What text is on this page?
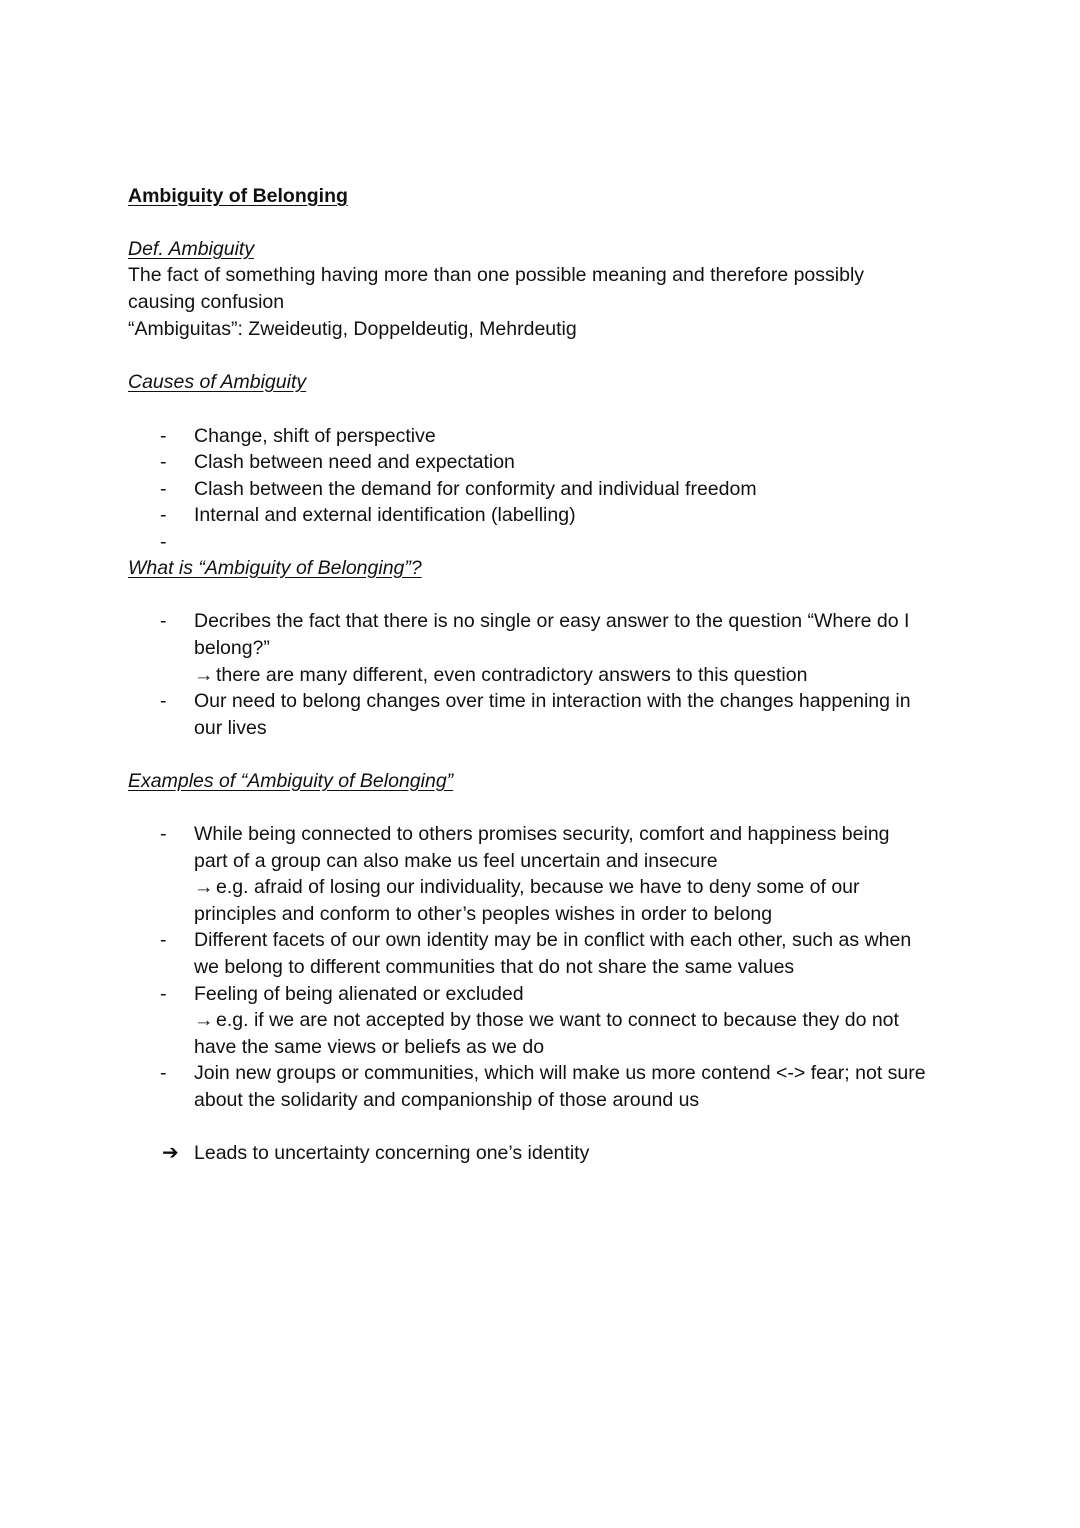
Ambiguity of Belonging
Def. Ambiguity
The fact of something having more than one possible meaning and therefore possibly
causing confusion
“Ambiguitas”: Zweideutig, Doppeldeutig, Mehrdeutig
Causes of Ambiguity
- Change, shift of perspective
- Clash between need and expectation
- Clash between the demand for conformity and individual freedom
- Internal and external identification (labelling)
-
What is “Ambiguity of Belonging”?
- Decribes the fact that there is no single or easy answer to the question “Where do I
belong?”
→ there are many different, even contradictory answers to this question
- Our need to belong changes over time in interaction with the changes happening in
our lives
Examples of “Ambiguity of Belonging”
- While being connected to others promises security, comfort and happiness being
part of a group can also make us feel uncertain and insecure
→ e.g. afraid of losing our individuality, because we have to deny some of our
principles and conform to other’s peoples wishes in order to belong
- Different facets of our own identity may be in conflict with each other, such as when
we belong to different communities that do not share the same values
- Feeling of being alienated or excluded
→ e.g. if we are not accepted by those we want to connect to because they do not
have the same views or beliefs as we do
- Join new groups or communities, which will make us more contend <-> fear; not sure
about the solidarity and companionship of those around us
➔ Leads to uncertainty concerning one’s identity
